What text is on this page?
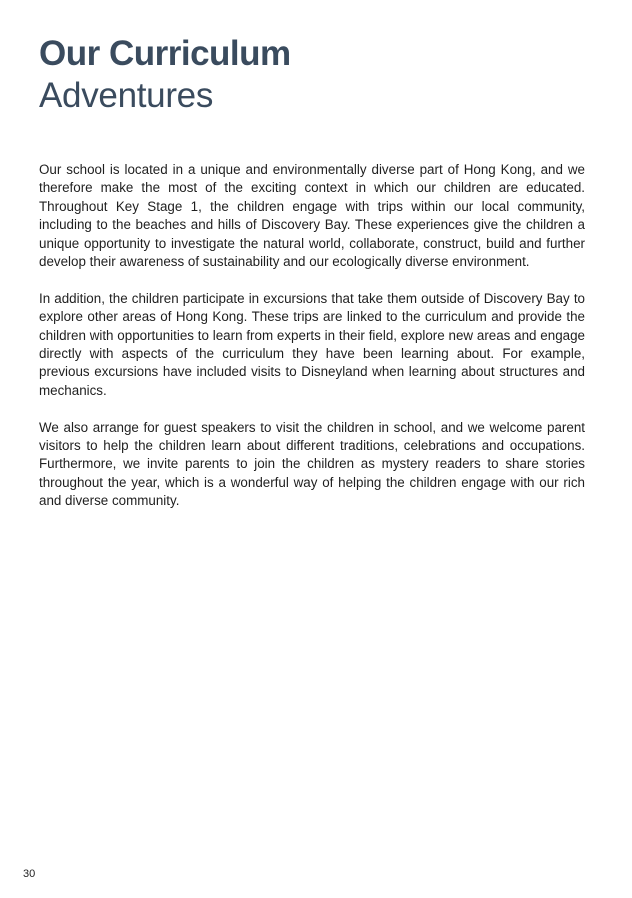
Our Curriculum
Adventures

Our school is located in a unique and environmentally diverse part of Hong Kong, and we therefore make the most of the exciting context in which our children are educated. Throughout Key Stage 1, the children engage with trips within our local community, including to the beaches and hills of Discovery Bay. These experiences give the children a unique opportunity to investigate the natural world, collaborate, construct, build and further develop their awareness of sustainability and our ecologically diverse environment.

In addition, the children participate in excursions that take them outside of Discovery Bay to explore other areas of Hong Kong. These trips are linked to the curriculum and provide the children with opportunities to learn from experts in their field, explore new areas and engage directly with aspects of the curriculum they have been learning about. For example, previous excursions have included visits to Disneyland when learning about structures and mechanics.

We also arrange for guest speakers to visit the children in school, and we welcome parent visitors to help the children learn about different traditions, celebrations and occupations. Furthermore, we invite parents to join the children as mystery readers to share stories throughout the year, which is a wonderful way of helping the children engage with our rich and diverse community.

30
